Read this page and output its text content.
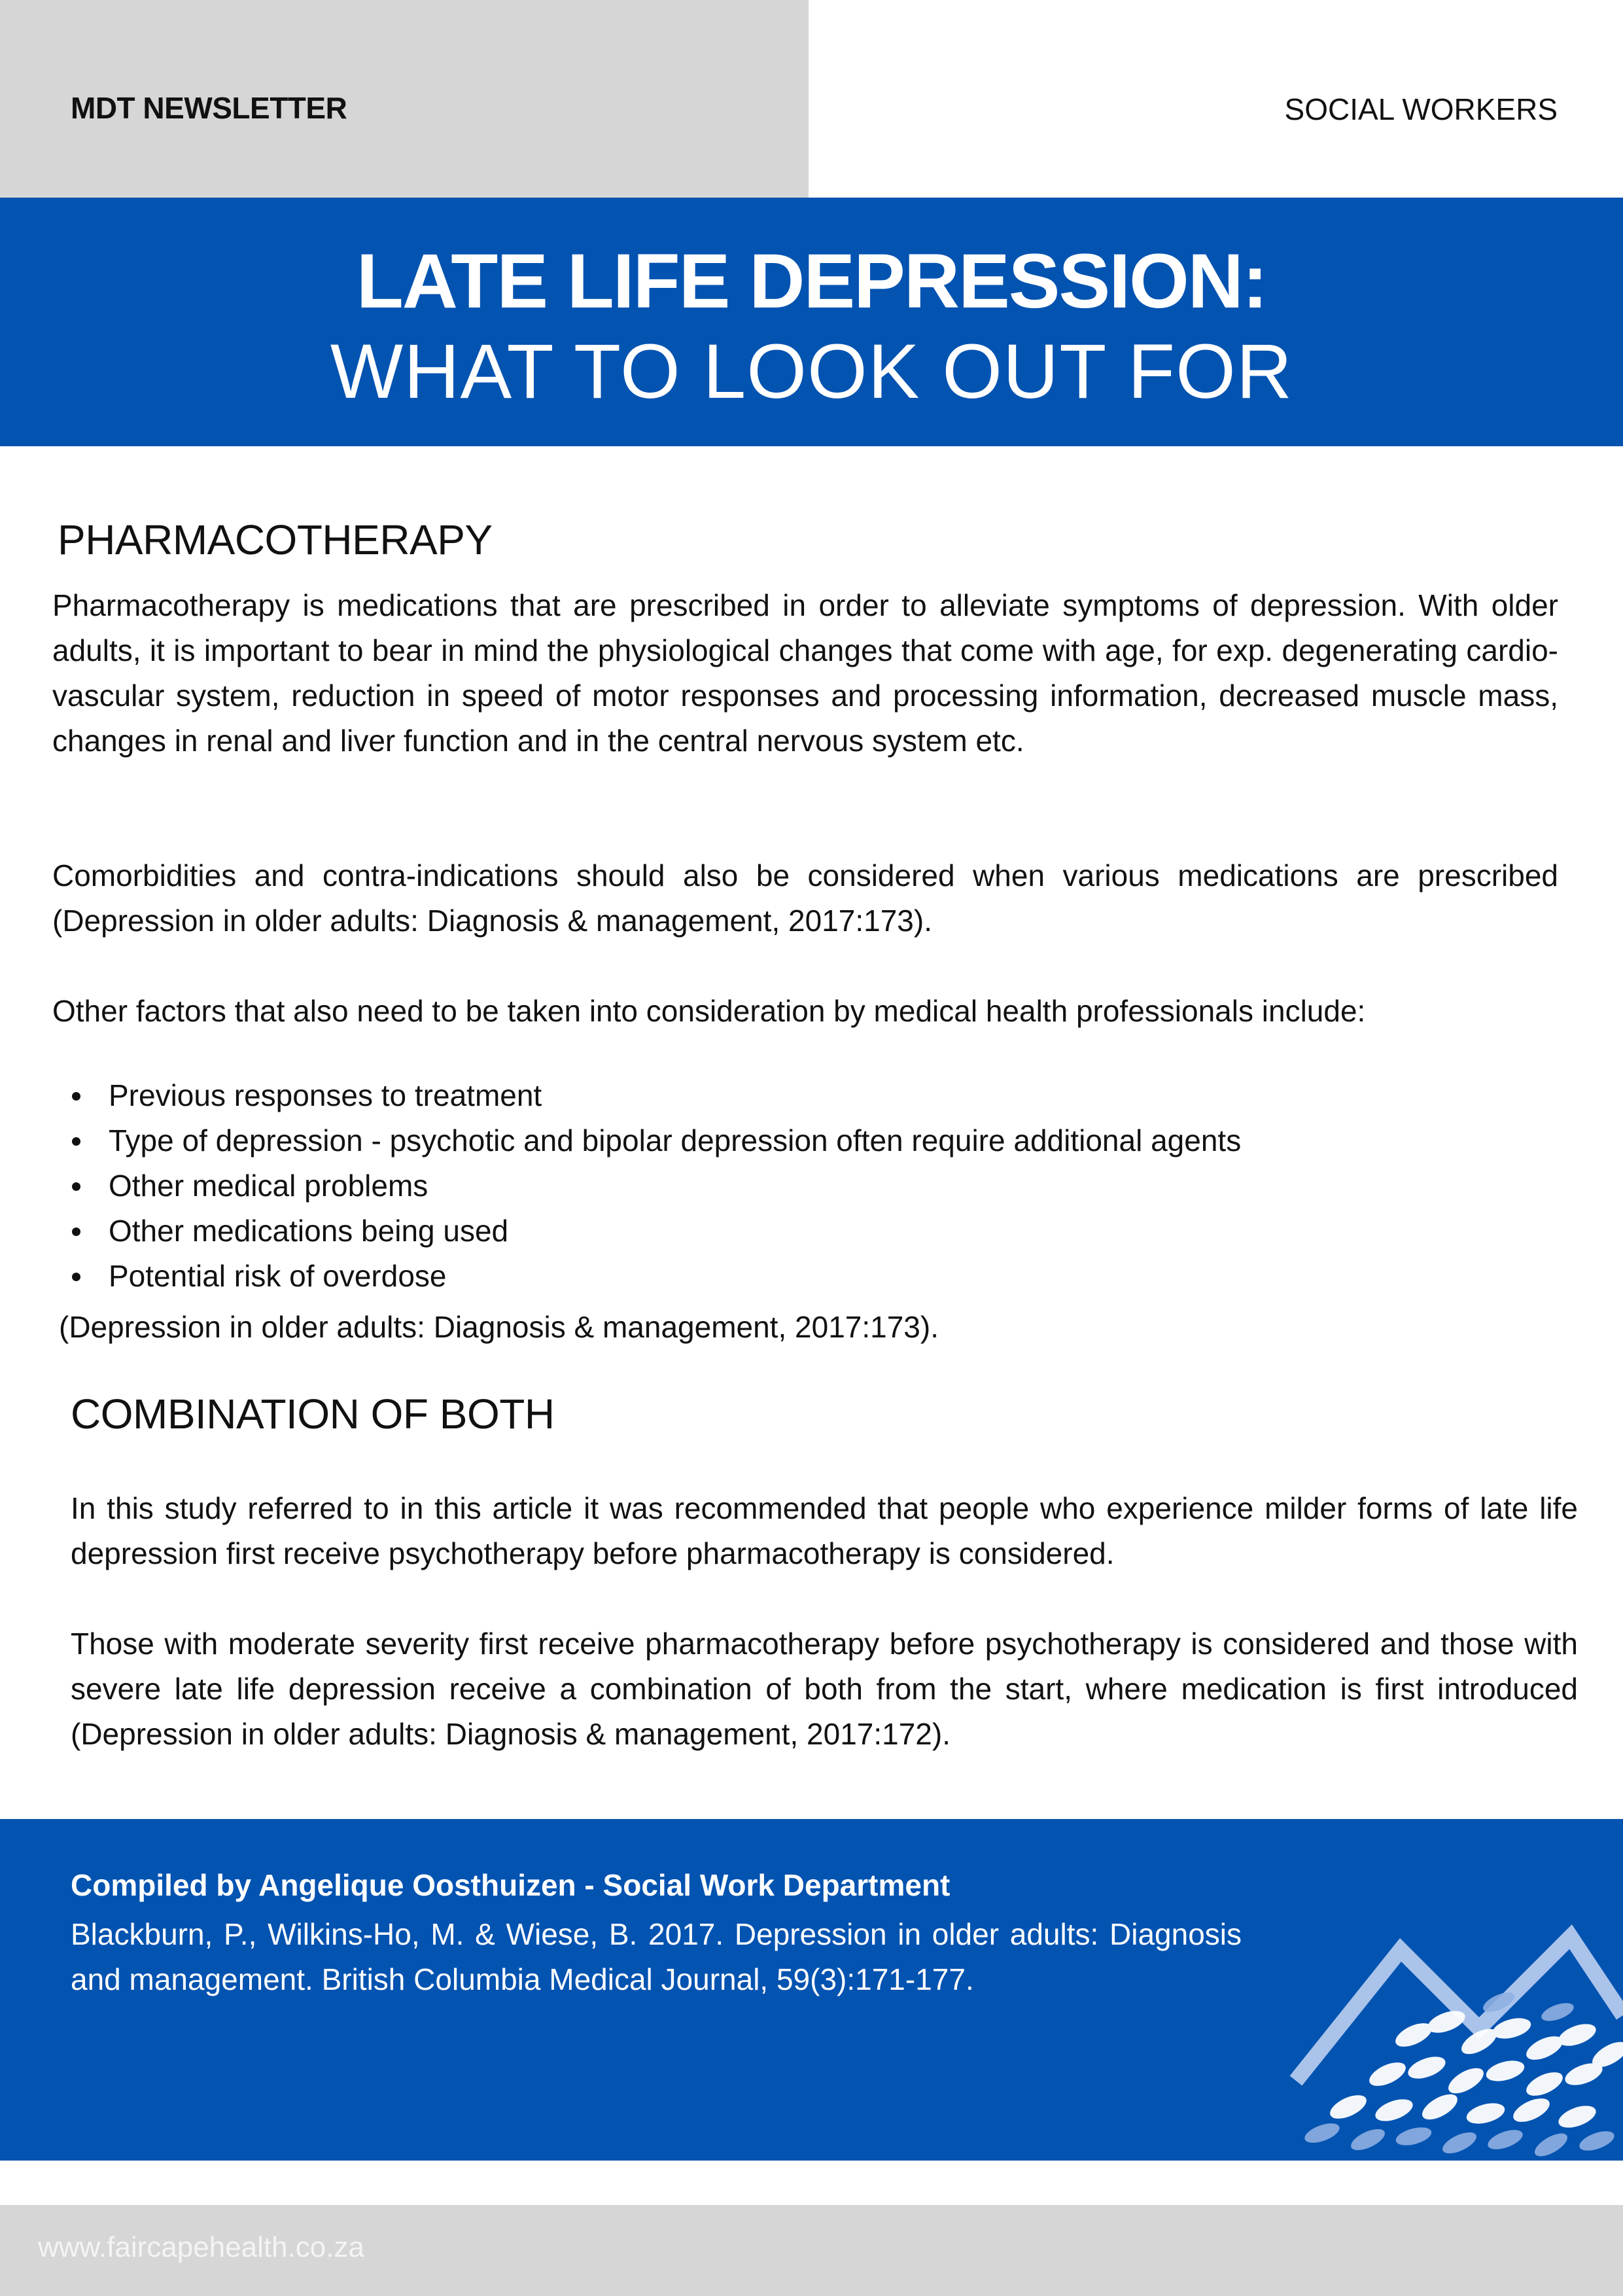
MDT NEWSLETTER	SOCIAL WORKERS
LATE LIFE DEPRESSION:
WHAT TO LOOK OUT FOR
PHARMACOTHERAPY

Pharmacotherapy is medications that are prescribed in order to alleviate symptoms of depression. With older adults, it is important to bear in mind the physiological changes that come with age, for exp. degenerating cardio-vascular system, reduction in speed of motor responses and processing information, decreased muscle mass, changes in renal and liver function and in the central nervous system etc.

Comorbidities and contra-indications should also be considered when various medications are prescribed (Depression in older adults: Diagnosis & management, 2017:173).

Other factors that also need to be taken into consideration by medical health professionals include:

Previous responses to treatment
Type of depression - psychotic and bipolar depression often require additional agents
Other medical problems
Other medications being used
Potential risk of overdose

(Depression in older adults: Diagnosis & management, 2017:173).

COMBINATION OF BOTH

In this study referred to in this article it was recommended that people who experience milder forms of late life depression first receive psychotherapy before pharmacotherapy is considered.

Those with moderate severity first receive pharmacotherapy before psychotherapy is considered and those with severe late life depression receive a combination of both from the start, where medication is first introduced (Depression in older adults: Diagnosis & management, 2017:172).

Compiled by Angelique Oosthuizen - Social Work Department

Blackburn, P., Wilkins-Ho, M. & Wiese, B. 2017. Depression in older adults: Diagnosis and management. British Columbia Medical Journal, 59(3):171-177.

www.faircapehealth.co.za
